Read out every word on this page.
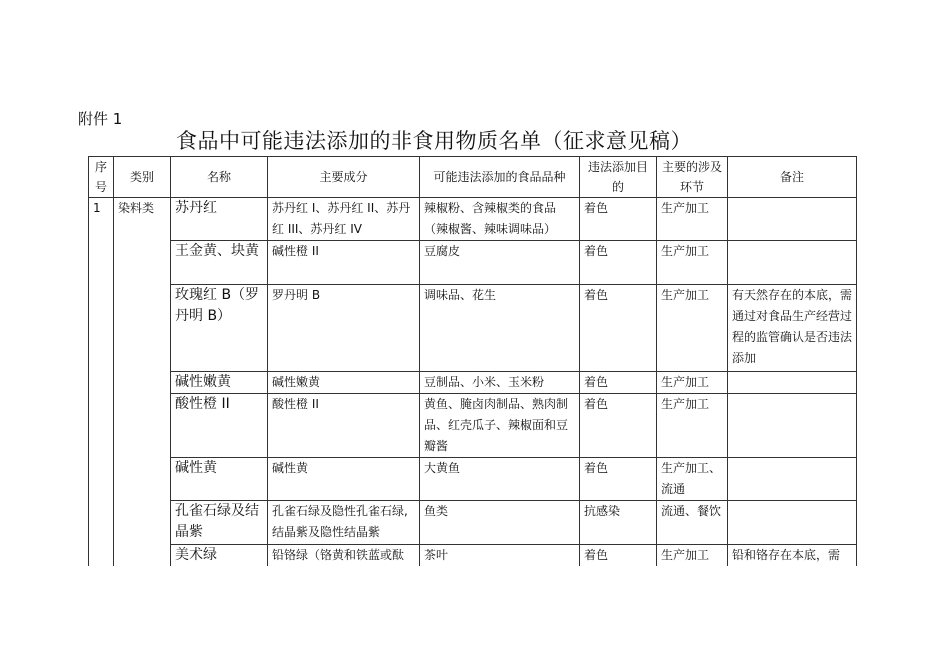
附件 1
食品中可能违法添加的非食用物质名单（征求意见稿）
序号	类别	名称	主要成分	可能违法添加的食品品种	违法添加目的	主要的涉及环节	备注
1	染料类	苏丹红	苏丹红 I、苏丹红 II、苏丹红 III、苏丹红 IV	辣椒粉、含辣椒类的食品（辣椒酱、辣味调味品）	着色	生产加工	
		王金黄、块黄	碱性橙 II	豆腐皮	着色	生产加工	
		玫瑰红 B（罗丹明 B）	罗丹明 B	调味品、花生	着色	生产加工	有天然存在的本底，需通过对食品生产经营过程的监管确认是否违法添加
		碱性嫩黄	碱性嫩黄	豆制品、小米、玉米粉	着色	生产加工	
		酸性橙 II	酸性橙 II	黄鱼、腌卤肉制品、熟肉制品、红壳瓜子、辣椒面和豆瓣酱	着色	生产加工	
		碱性黄	碱性黄	大黄鱼	着色	生产加工、流通	
		孔雀石绿及结晶紫	孔雀石绿及隐性孔雀石绿, 结晶紫及隐性结晶紫	鱼类	抗感染	流通、餐饮	
		美术绿	铅铬绿（铬黄和铁蓝或酞	茶叶	着色	生产加工	铅和铬存在本底，需
